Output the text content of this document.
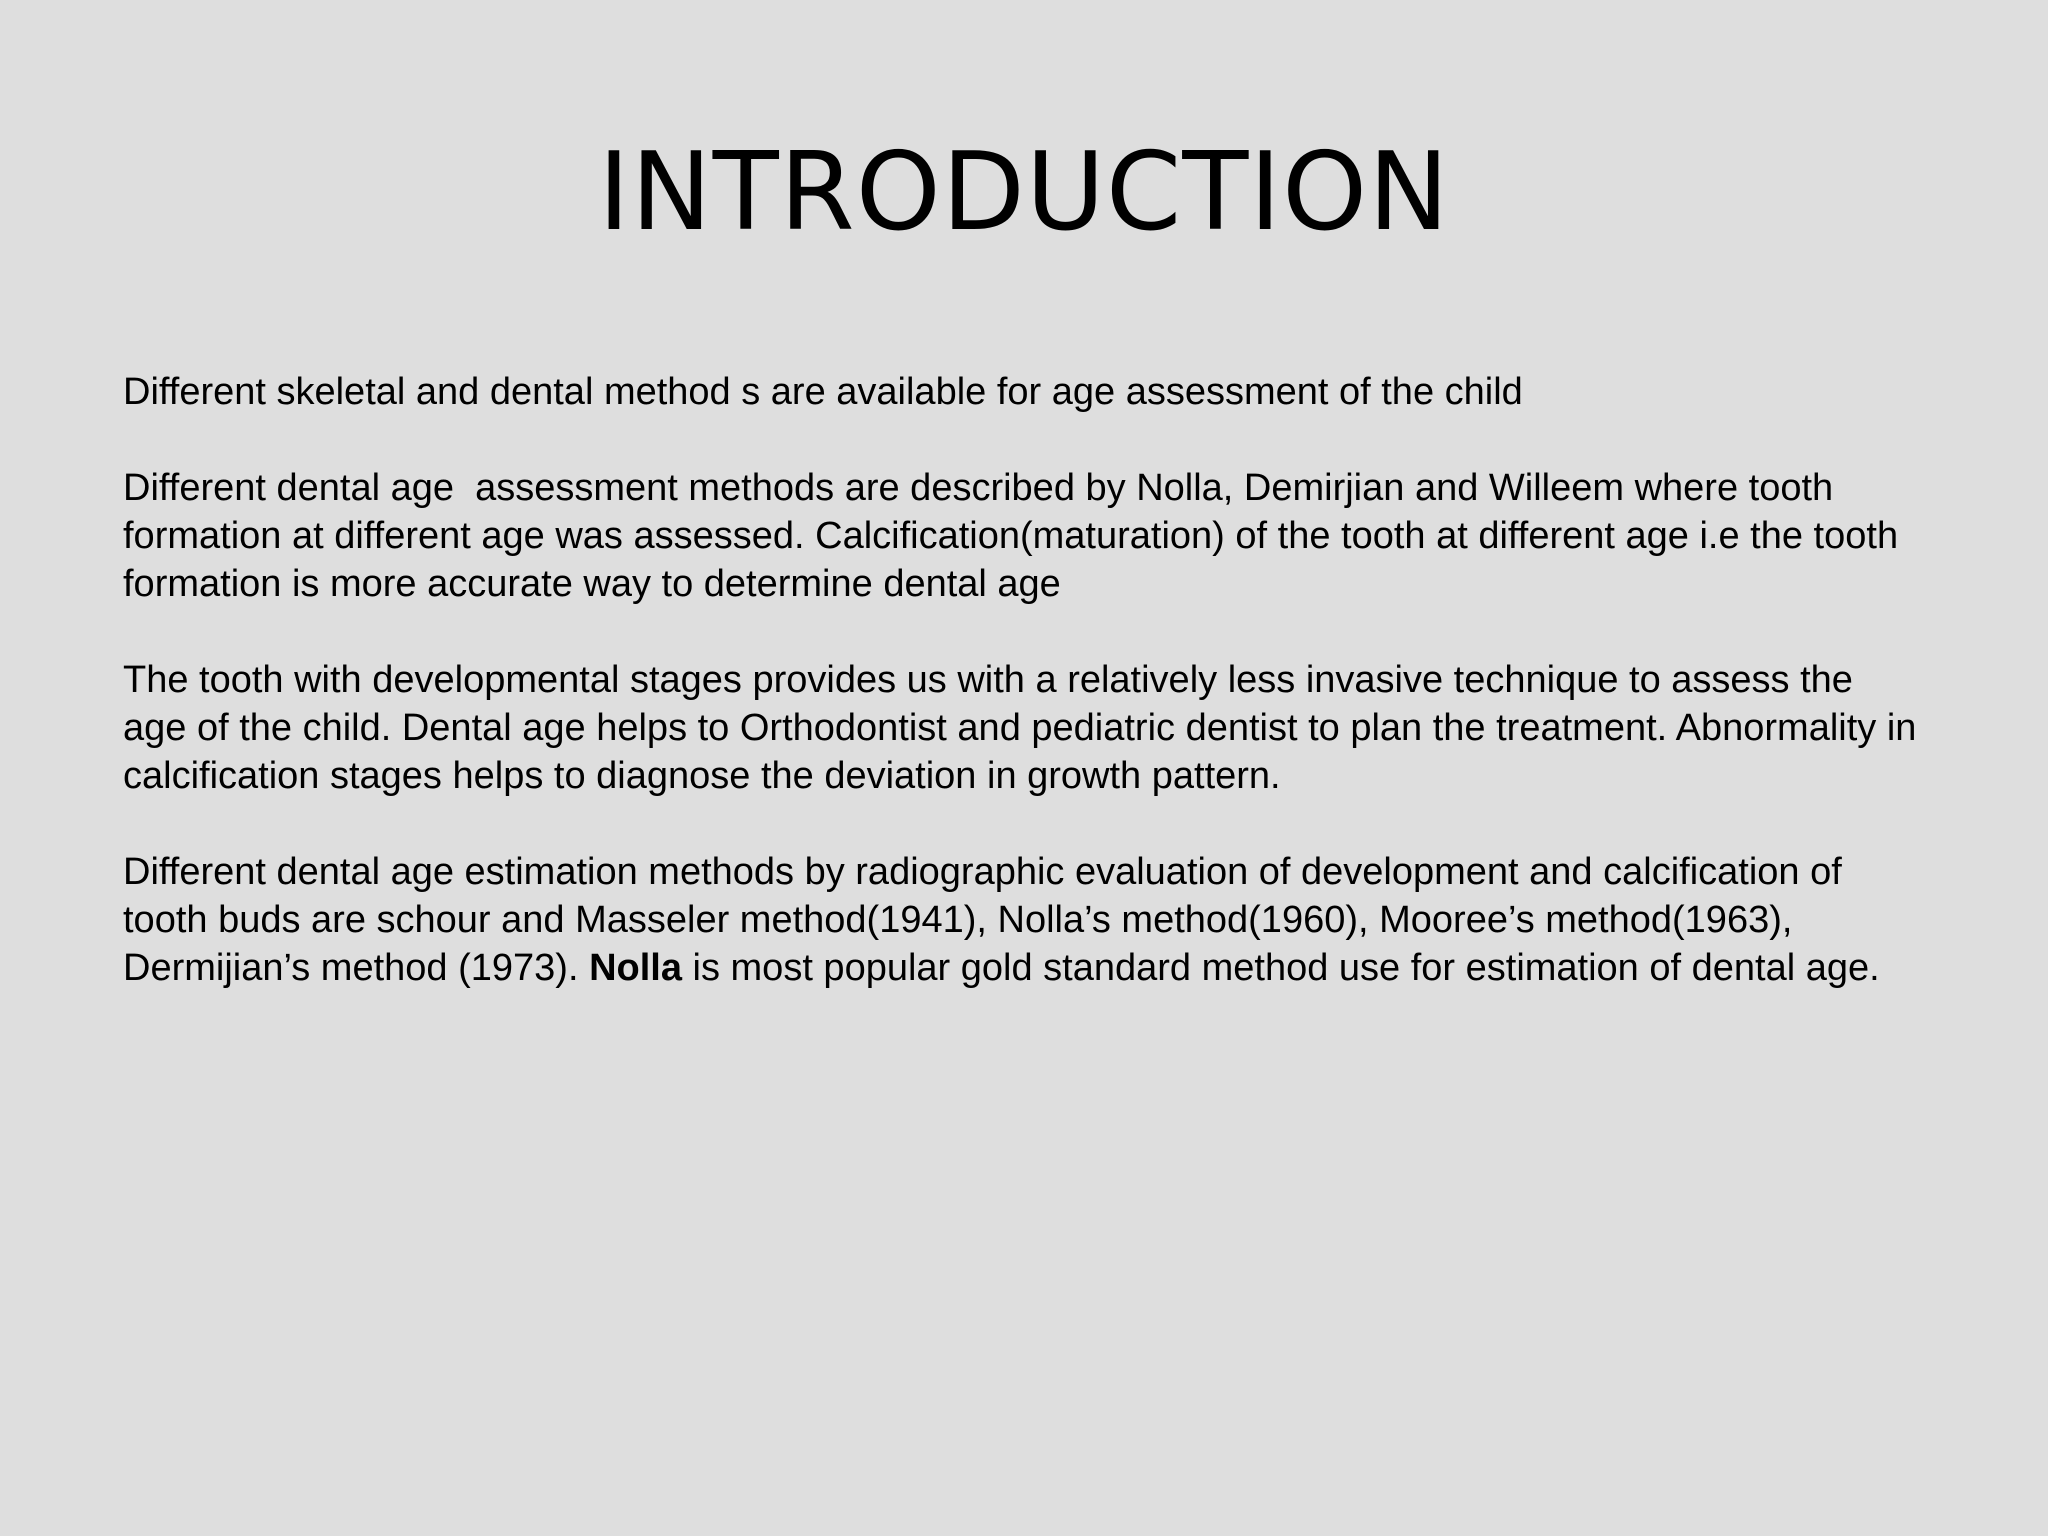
INTRODUCTION

Different skeletal and dental method s are available for age assessment of the child

Different dental age  assessment methods are described by Nolla, Demirjian and Willeem where tooth formation at different age was assessed. Calcification(maturation) of the tooth at different age i.e the tooth formation is more accurate way to determine dental age

The tooth with developmental stages provides us with a relatively less invasive technique to assess the age of the child. Dental age helps to Orthodontist and pediatric dentist to plan the treatment. Abnormality in calcification stages helps to diagnose the deviation in growth pattern.

Different dental age estimation methods by radiographic evaluation of development and calcification of tooth buds are schour and Masseler method(1941), Nolla’s method(1960), Mooree’s method(1963), Dermijian’s method (1973). Nolla is most popular gold standard method use for estimation of dental age.
